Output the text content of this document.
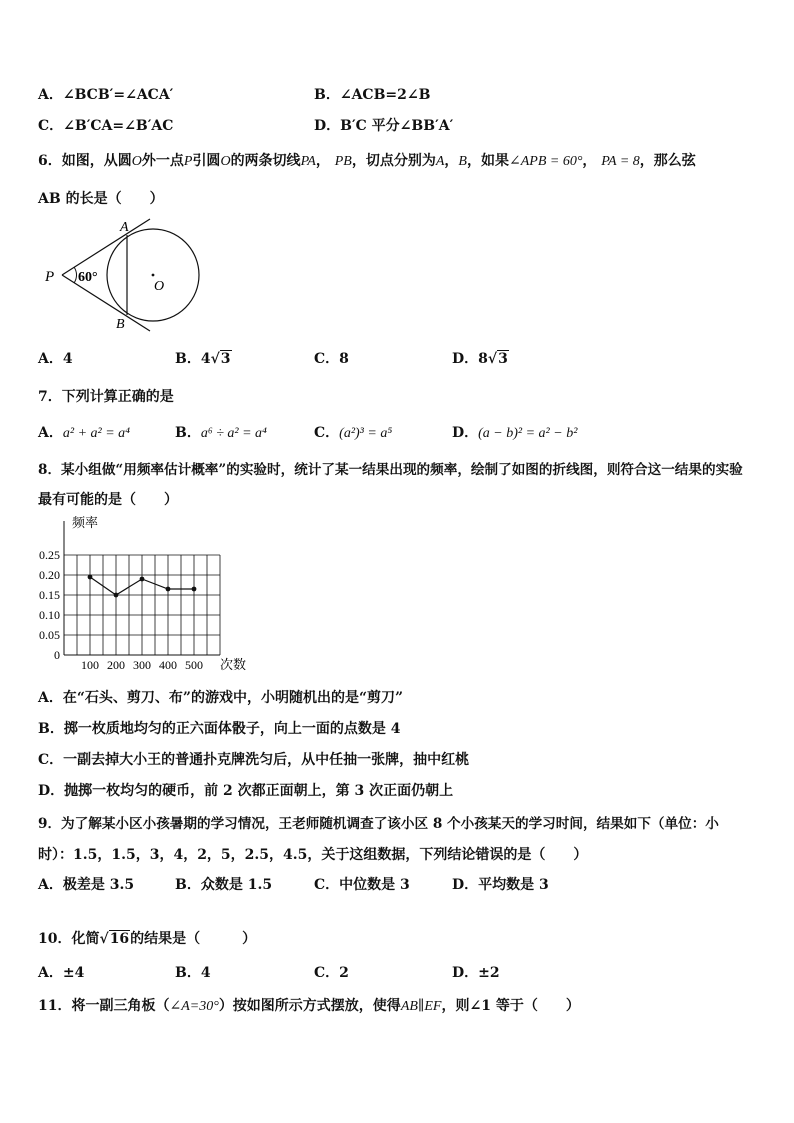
A．∠BCB′=∠ACA′	B．∠ACB=2∠B
C．∠B′CA=∠B′AC	D．B′C 平分∠BB′A′
6．如图，从圆O外一点P引圆O的两条切线PA， PB，切点分别为A，B，如果∠APB = 60°， PA = 8，那么弦
AB 的长是（　　）
A
B
P
O
60°
A．4	B．4√3	C．8	D．8√3
7．下列计算正确的是
A．a² + a² = a⁴	B．a⁶ ÷ a² = a⁴	C．(a²)³ = a⁵	D．(a − b)² = a² − b²
8．某小组做“用频率估计概率”的实验时，统计了某一结果出现的频率，绘制了如图的折线图，则符合这一结果的实验
最有可能的是（　　）
频率
次数
0.25
0.20
0.15
0.10
0.05
0
100 200 300 400 500
A．在“石头、剪刀、布”的游戏中，小明随机出的是“剪刀”
B．掷一枚质地均匀的正六面体骰子，向上一面的点数是 4
C．一副去掉大小王的普通扑克牌洗匀后，从中任抽一张牌，抽中红桃
D．抛掷一枚均匀的硬币，前 2 次都正面朝上，第 3 次正面仍朝上
9．为了解某小区小孩暑期的学习情况，王老师随机调查了该小区 8 个小孩某天的学习时间，结果如下（单位：小
时）：1.5，1.5，3，4，2，5，2.5，4.5，关于这组数据，下列结论错误的是（　　）
A．极差是 3.5	B．众数是 1.5	C．中位数是 3	D．平均数是 3
10．化简√16的结果是（　　　）
A．±4	B．4	C．2	D．±2
11．将一副三角板（∠A=30°）按如图所示方式摆放，使得AB∥EF，则∠1 等于（　　）
